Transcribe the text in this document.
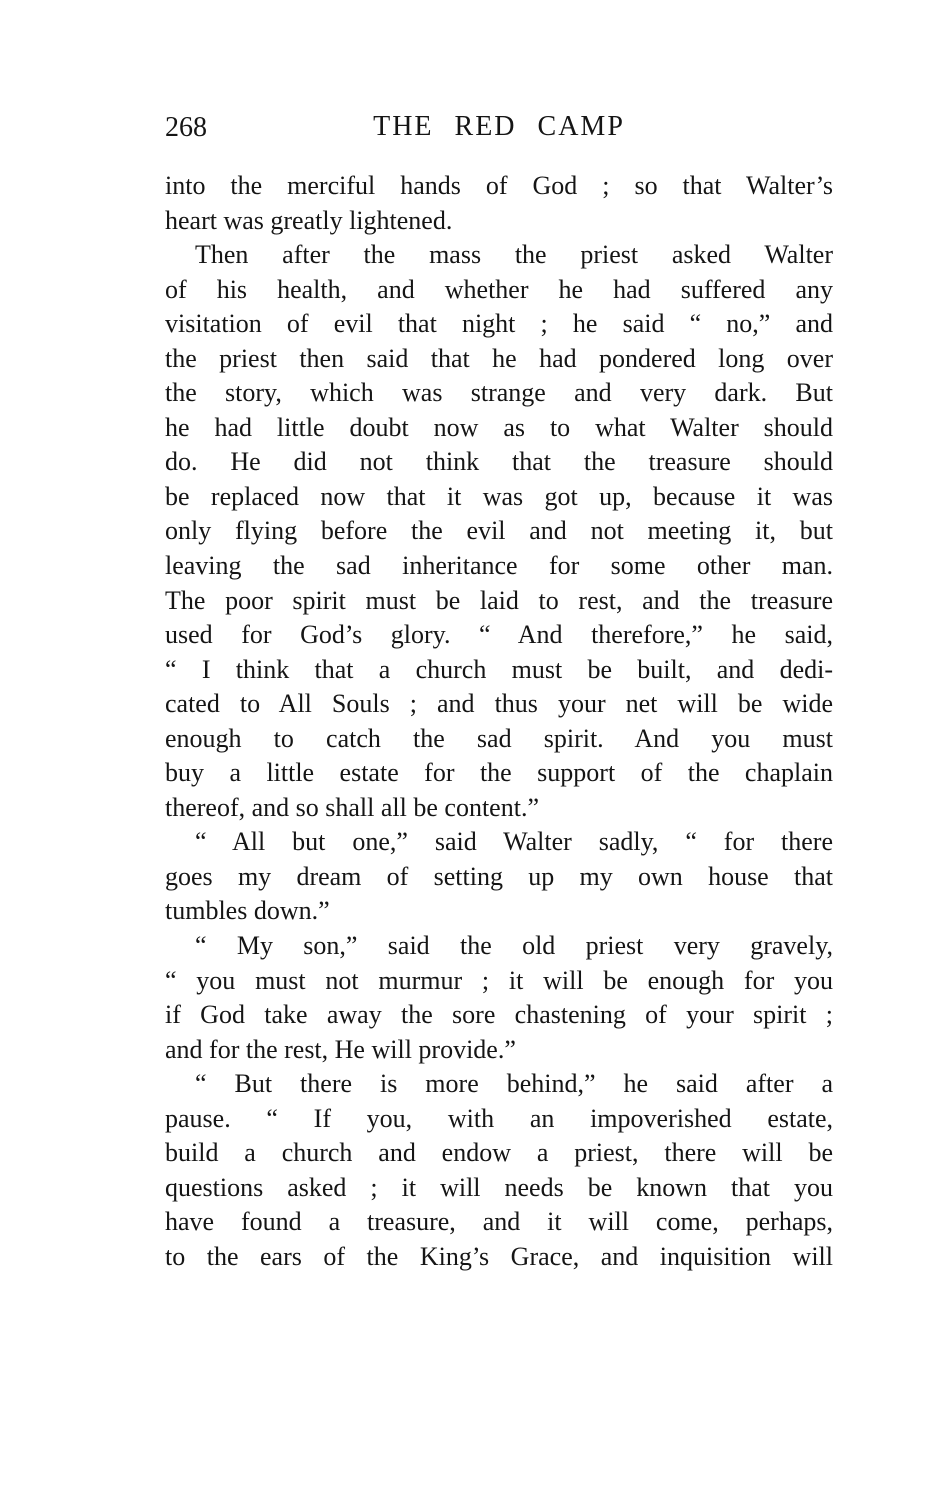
268	THE RED CAMP
into the merciful hands of God ; so that Walter’s
heart was greatly lightened.
Then after the mass the priest asked Walter
of his health, and whether he had suffered any
visitation of evil that night ; he said “ no,” and
the priest then said that he had pondered long over
the story, which was strange and very dark. But
he had little doubt now as to what Walter should
do. He did not think that the treasure should
be replaced now that it was got up, because it was
only flying before the evil and not meeting it, but
leaving the sad inheritance for some other man.
The poor spirit must be laid to rest, and the treasure
used for God’s glory. “ And therefore,” he said,
“ I think that a church must be built, and dedi-
cated to All Souls ; and thus your net will be wide
enough to catch the sad spirit. And you must
buy a little estate for the support of the chaplain
thereof, and so shall all be content.”
“ All but one,” said Walter sadly, “ for there
goes my dream of setting up my own house that
tumbles down.”
“ My son,” said the old priest very gravely,
“ you must not murmur ; it will be enough for you
if God take away the sore chastening of your spirit ;
and for the rest, He will provide.”
“ But there is more behind,” he said after a
pause. “ If you, with an impoverished estate,
build a church and endow a priest, there will be
questions asked ; it will needs be known that you
have found a treasure, and it will come, perhaps,
to the ears of the King’s Grace, and inquisition will
